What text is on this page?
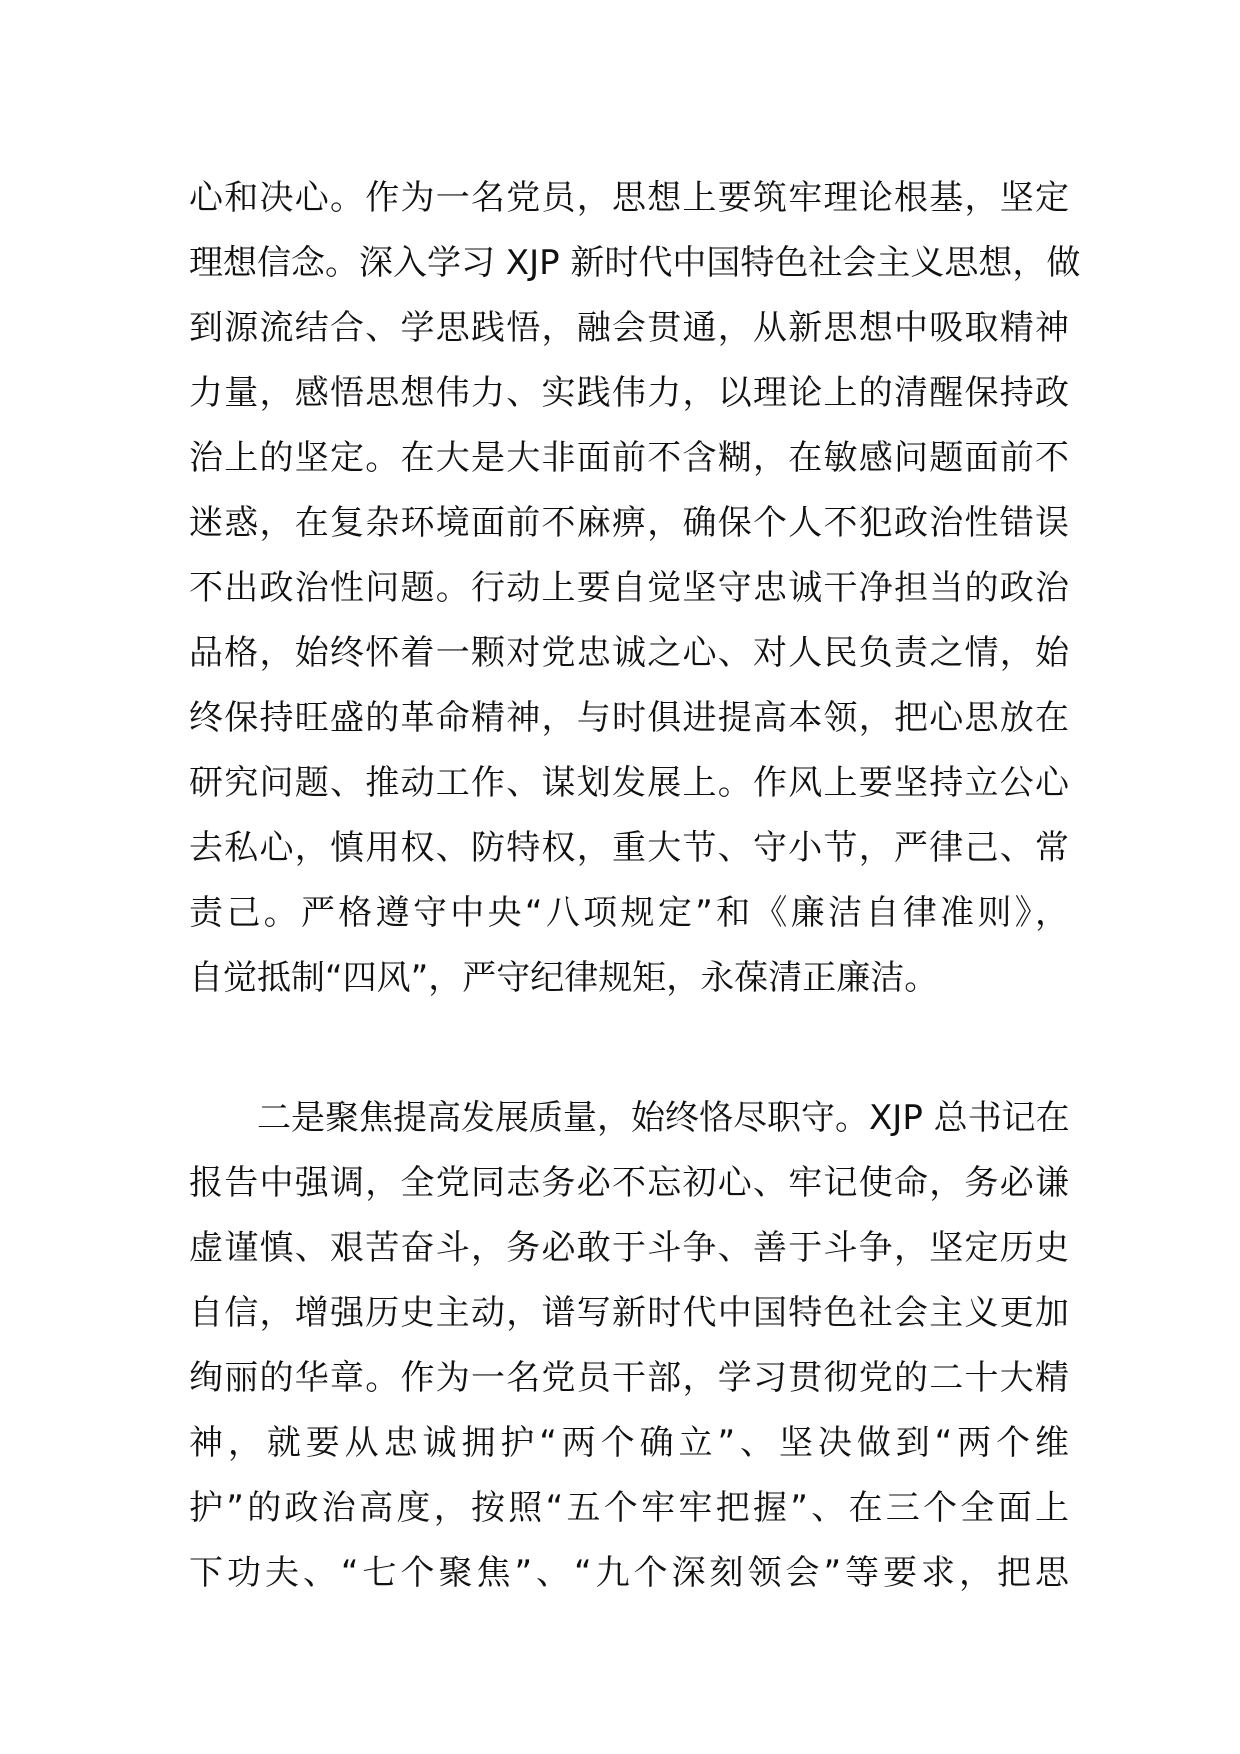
心和决心。作为一名党员，思想上要筑牢理论根基，坚定
理想信念。深入学习 XJP 新时代中国特色社会主义思想，做
到源流结合、学思践悟，融会贯通，从新思想中吸取精神
力量，感悟思想伟力、实践伟力，以理论上的清醒保持政
治上的坚定。在大是大非面前不含糊，在敏感问题面前不
迷惑，在复杂环境面前不麻痹，确保个人不犯政治性错误
不出政治性问题。行动上要自觉坚守忠诚干净担当的政治
品格，始终怀着一颗对党忠诚之心、对人民负责之情，始
终保持旺盛的革命精神，与时俱进提高本领，把心思放在
研究问题、推动工作、谋划发展上。作风上要坚持立公心
去私心，慎用权、防特权，重大节、守小节，严律己、常
责己。严格遵守中央“八项规定”和《廉洁自律准则》，
自觉抵制“四风”，严守纪律规矩，永葆清正廉洁。
二是聚焦提高发展质量，始终恪尽职守。XJP 总书记在
报告中强调，全党同志务必不忘初心、牢记使命，务必谦
虚谨慎、艰苦奋斗，务必敢于斗争、善于斗争，坚定历史
自信，增强历史主动，谱写新时代中国特色社会主义更加
绚丽的华章。作为一名党员干部，学习贯彻党的二十大精
神，就要从忠诚拥护“两个确立”、坚决做到“两个维
护”的政治高度，按照“五个牢牢把握”、在三个全面上
下功夫、“七个聚焦”、“九个深刻领会”等要求，把思
